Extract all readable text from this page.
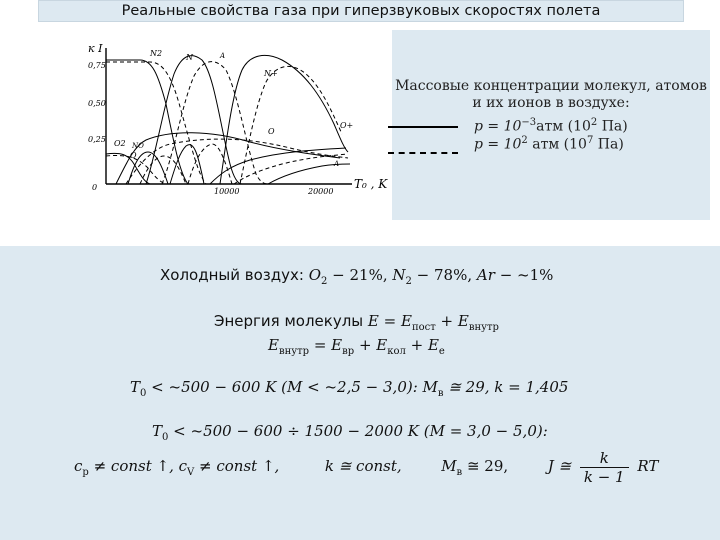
Реальные свойства газа при гиперзвуковых скоростях полета
к I
0,75
0,50
0,25
0	10000	20000
T₀ , K
N2
O2
N
O
O
N+
O+
NO
A
A
Массовые концентрации молекул, атомов
и их ионов в воздухе:
$p = 10^{-3}атм$ ($10^2$ Па)
$p = 10^2$ атм ($10^7$ Па)
Холодный воздух: $O_2 - 21\%$, $N_2 - 78\%$, Ar − ~1%
Энергия молекулы $E = E_{пост} + E_{внутр}$
$E_{внутр} = E_{вр} + E_{кол} + E_e$
$T_0$ < ~500 − 600 K (M < ~2,5 − 3,0): $M_в$ ≅ 29, k = 1,405
$T_0$ < ~500 − 600 ÷ 1500 − 2000 K (M = 3,0 − 5,0):
$c_p$ ≠ const ↑, $c_V$ ≠ const ↑,	k ≅ const,	$M_в$ ≅ 29,	J ≅ $\frac{k}{k - 1}$ RT
